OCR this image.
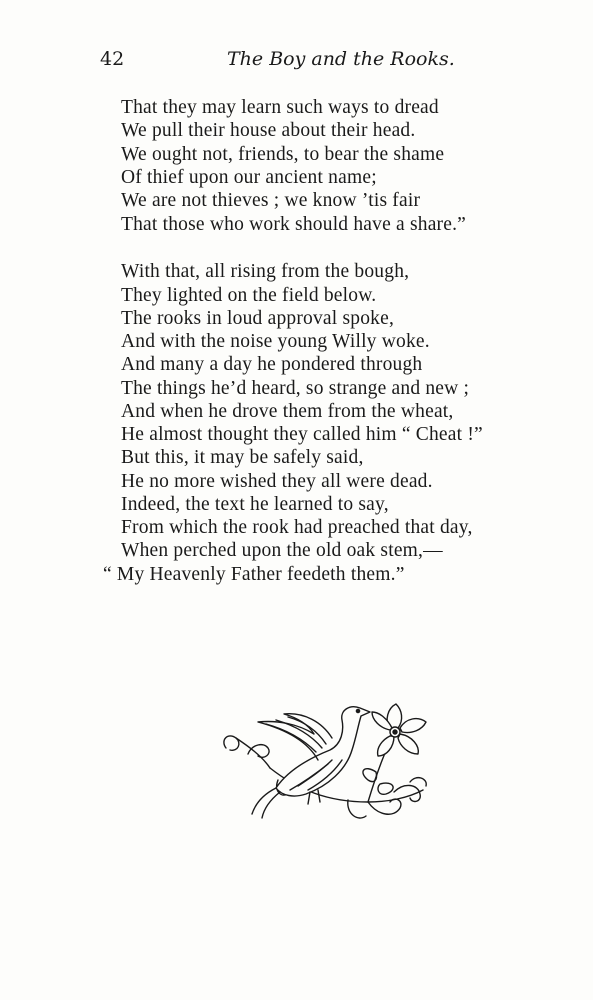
42	The Boy and the Rooks.
That they may learn such ways to dread
We pull their house about their head.
We ought not, friends, to bear the shame
Of thief upon our ancient name;
We are not thieves ; we know ’tis fair
That those who work should have a share.”
With that, all rising from the bough,
They lighted on the field below.
The rooks in loud approval spoke,
And with the noise young Willy woke.
And many a day he pondered through
The things he’d heard, so strange and new ;
And when he drove them from the wheat,
He almost thought they called him “ Cheat !”
But this, it may be safely said,
He no more wished they all were dead.
Indeed, the text he learned to say,
From which the rook had preached that day,
When perched upon the old oak stem,—
“ My Heavenly Father feedeth them.”
